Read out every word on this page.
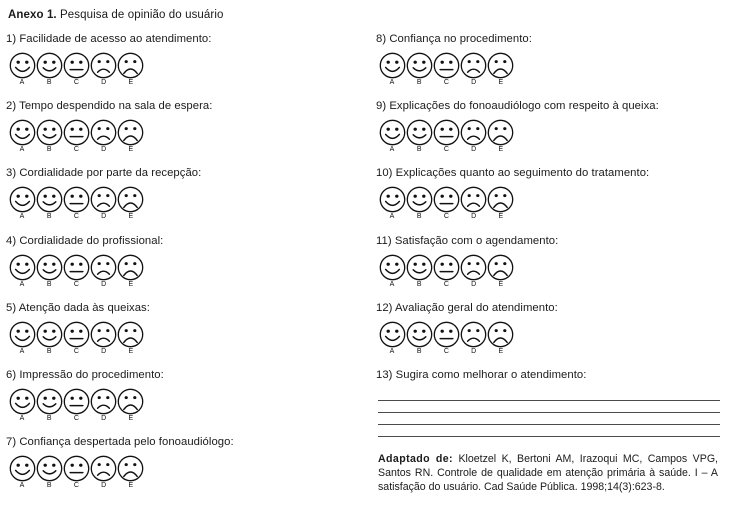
Anexo 1. Pesquisa de opinião do usuário
1) Facilidade de acesso ao atendimento:
A	B	C	D	E
2) Tempo despendido na sala de espera:
A	B	C	D	E
3) Cordialidade por parte da recepção:
A	B	C	D	E
4) Cordialidade do profissional:
A	B	C	D	E
5) Atenção dada às queixas:
A	B	C	D	E
6) Impressão do procedimento:
A	B	C	D	E
7) Confiança despertada pelo fonoaudiólogo:
A	B	C	D	E
8) Confiança no procedimento:
A	B	C	D	E
9) Explicações do fonoaudiólogo com respeito à queixa:
A	B	C	D	E
10) Explicações quanto ao seguimento do tratamento:
A	B	C	D	E
11) Satisfação com o agendamento:
A	B	C	D	E
12) Avaliação geral do atendimento:
A	B	C	D	E
13) Sugira como melhorar o atendimento:
Adaptado de: Kloetzel K, Bertoni AM, Irazoqui MC, Campos VPG, Santos RN. Controle de qualidade em atenção primária à saúde. I – A satisfação do usuário. Cad Saúde Pública. 1998;14(3):623-8.
